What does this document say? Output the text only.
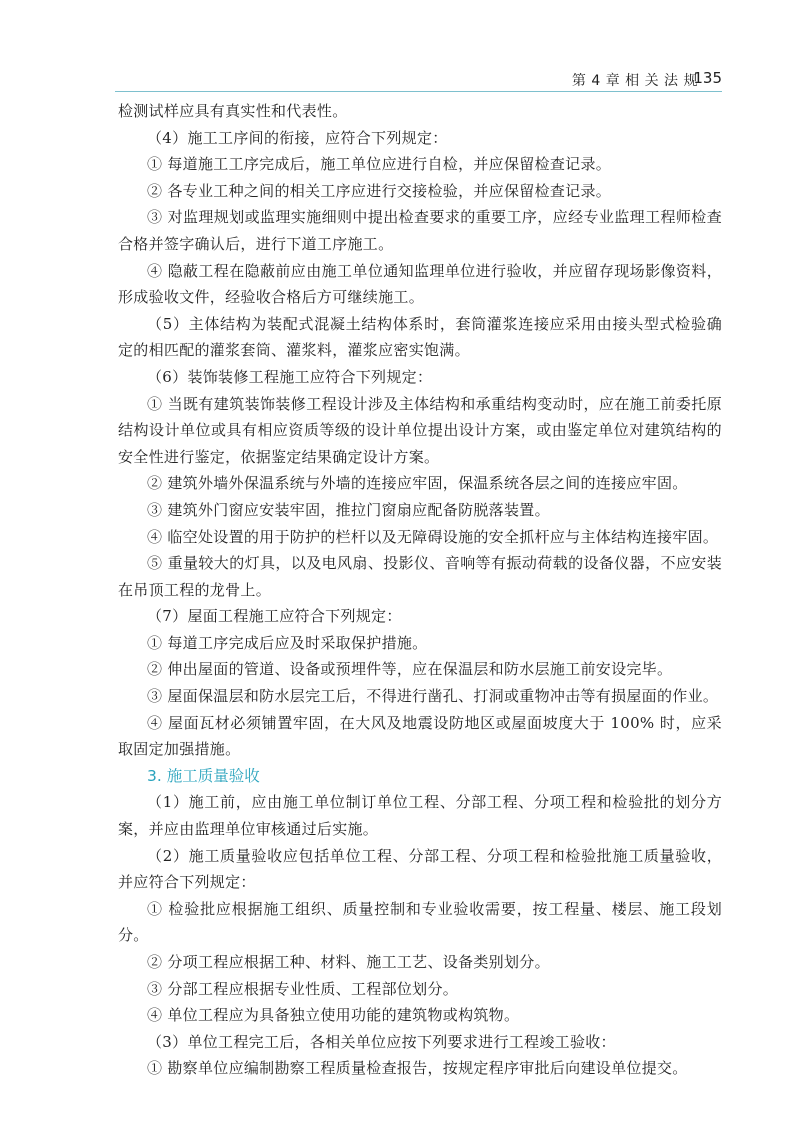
第 4 章 相 关 法 规
135

检测试样应具有真实性和代表性。

（4）施工工序间的衔接，应符合下列规定：

① 每道施工工序完成后，施工单位应进行自检，并应保留检查记录。

② 各专业工种之间的相关工序应进行交接检验，并应保留检查记录。

③ 对监理规划或监理实施细则中提出检查要求的重要工序，应经专业监理工程师检查合格并签字确认后，进行下道工序施工。

④ 隐蔽工程在隐蔽前应由施工单位通知监理单位进行验收，并应留存现场影像资料，形成验收文件，经验收合格后方可继续施工。

（5）主体结构为装配式混凝土结构体系时，套筒灌浆连接应采用由接头型式检验确定的相匹配的灌浆套筒、灌浆料，灌浆应密实饱满。

（6）装饰装修工程施工应符合下列规定：

① 当既有建筑装饰装修工程设计涉及主体结构和承重结构变动时，应在施工前委托原结构设计单位或具有相应资质等级的设计单位提出设计方案，或由鉴定单位对建筑结构的安全性进行鉴定，依据鉴定结果确定设计方案。

② 建筑外墙外保温系统与外墙的连接应牢固，保温系统各层之间的连接应牢固。

③ 建筑外门窗应安装牢固，推拉门窗扇应配备防脱落装置。

④ 临空处设置的用于防护的栏杆以及无障碍设施的安全抓杆应与主体结构连接牢固。

⑤ 重量较大的灯具，以及电风扇、投影仪、音响等有振动荷载的设备仪器，不应安装在吊顶工程的龙骨上。

（7）屋面工程施工应符合下列规定：

① 每道工序完成后应及时采取保护措施。

② 伸出屋面的管道、设备或预埋件等，应在保温层和防水层施工前安设完毕。

③ 屋面保温层和防水层完工后，不得进行凿孔、打洞或重物冲击等有损屋面的作业。

④ 屋面瓦材必须铺置牢固，在大风及地震设防地区或屋面坡度大于 100% 时，应采取固定加强措施。

3. 施工质量验收

（1）施工前，应由施工单位制订单位工程、分部工程、分项工程和检验批的划分方案，并应由监理单位审核通过后实施。

（2）施工质量验收应包括单位工程、分部工程、分项工程和检验批施工质量验收，并应符合下列规定：

① 检验批应根据施工组织、质量控制和专业验收需要，按工程量、楼层、施工段划分。

② 分项工程应根据工种、材料、施工工艺、设备类别划分。

③ 分部工程应根据专业性质、工程部位划分。

④ 单位工程应为具备独立使用功能的建筑物或构筑物。

（3）单位工程完工后，各相关单位应按下列要求进行工程竣工验收：

① 勘察单位应编制勘察工程质量检查报告，按规定程序审批后向建设单位提交。
